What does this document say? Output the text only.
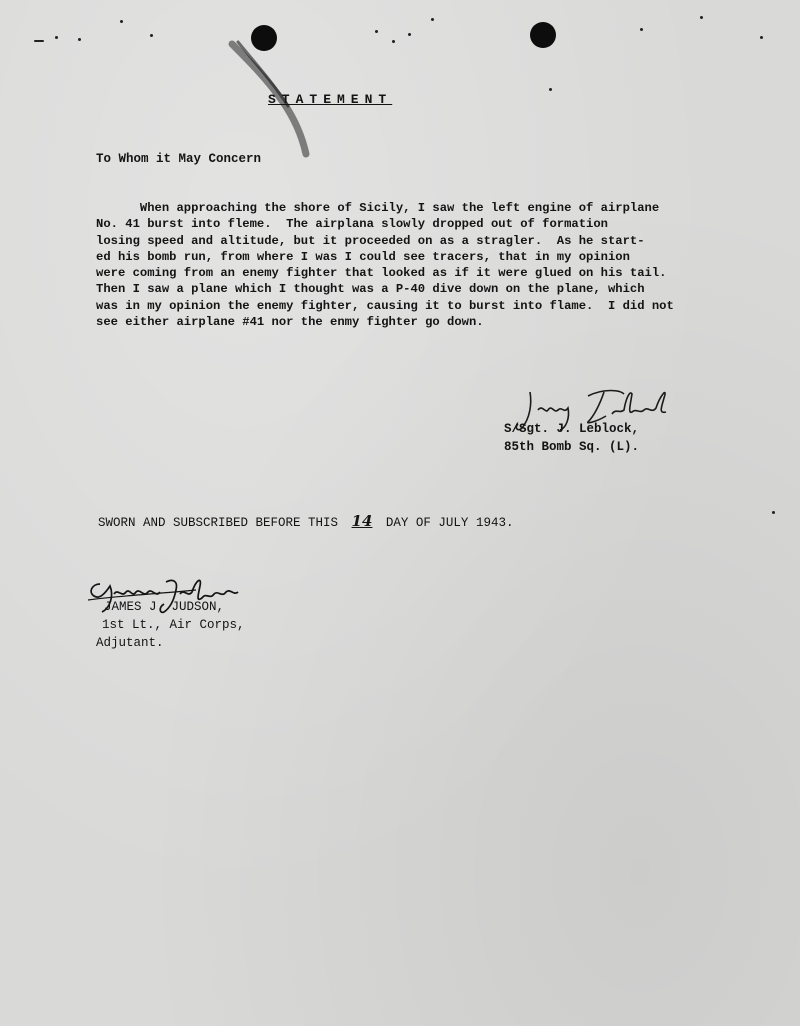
STATEMENT
To Whom it May Concern
When approaching the shore of Sicily, I saw the left engine of airplane
No. 41 burst into fleme.  The airplana slowly dropped out of formation
losing speed and altitude, but it proceeded on as a stragler.  As he start-
ed his bomb run, from where I was I could see tracers, that in my opinion
were coming from an enemy fighter that looked as if it were glued on his tail.
Then I saw a plane which I thought was a P-40 dive down on the plane, which
was in my opinion the enemy fighter, causing it to burst into flame.  I did not
see either airplane #41 nor the enmy fighter go down.
S/Sgt. J. Leblock,
85th Bomb Sq. (L).
SWORN AND SUBSCRIBED BEFORE THIS 14 DAY OF JULY 1943.
JAMES J. JUDSON,
1st Lt., Air Corps,
Adjutant.
